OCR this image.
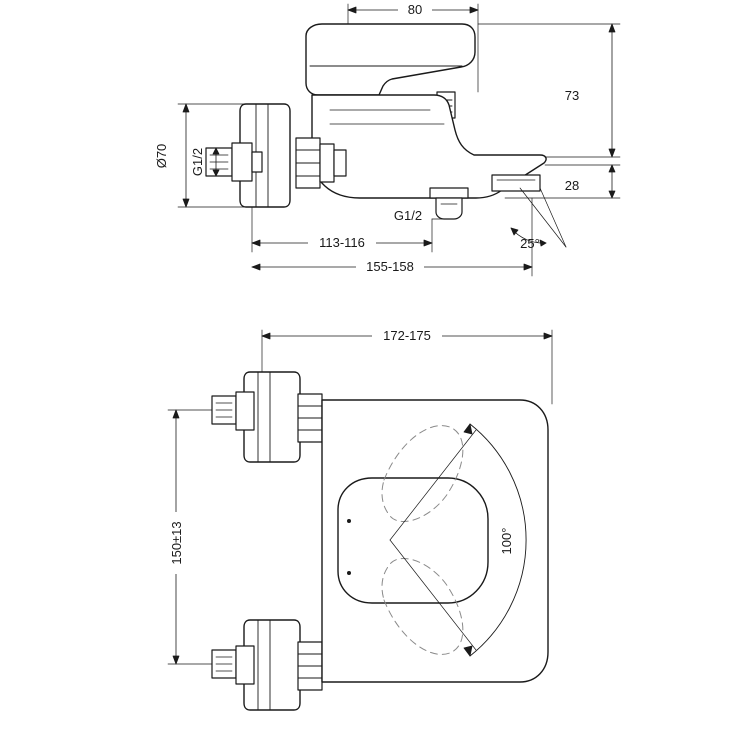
80
73
28
Ø70 G1/2
G1/2
113-116
155-158
25°
172-175
150±13	100°
